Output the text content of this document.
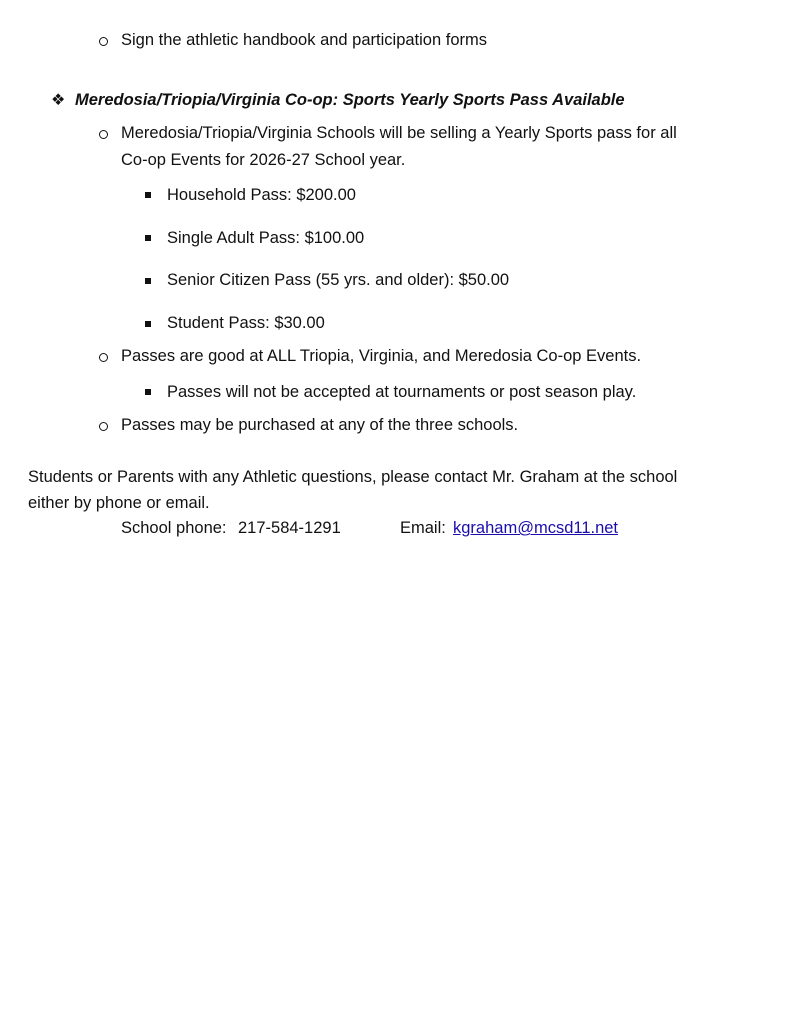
Sign the athletic handbook and participation forms
❖ Meredosia/Triopia/Virginia Co-op: Sports Yearly Sports Pass Available
Meredosia/Triopia/Virginia Schools will be selling a Yearly Sports pass for all
Co-op Events for 2026-27 School year.
Household Pass: $200.00
Single Adult Pass: $100.00
Senior Citizen Pass (55 yrs. and older): $50.00
Student Pass: $30.00
Passes are good at ALL Triopia, Virginia, and Meredosia Co-op Events.
Passes will not be accepted at tournaments or post season play.
Passes may be purchased at any of the three schools.
Students or Parents with any Athletic questions, please contact Mr. Graham at the school
either by phone or email.
School phone: 217-584-1291	Email: kgraham@mcsd11.net
